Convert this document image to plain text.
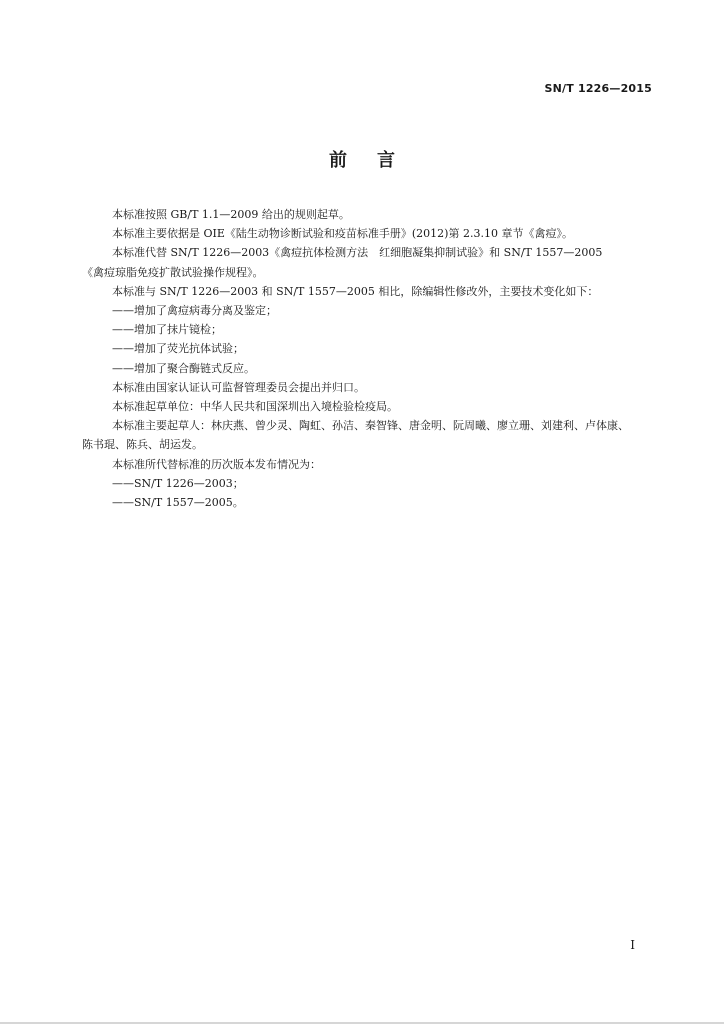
SN/T 1226—2015
前言

本标准按照 GB/T 1.1—2009 给出的规则起草。

本标准主要依据是 OIE《陆生动物诊断试验和疫苗标准手册》(2012)第 2.3.10 章节《禽痘》。

本标准代替 SN/T 1226—2003《禽痘抗体检测方法　红细胞凝集抑制试验》和 SN/T 1557—2005

《禽痘琼脂免疫扩散试验操作规程》。

本标准与 SN/T 1226—2003 和 SN/T 1557—2005 相比，除编辑性修改外，主要技术变化如下：

——增加了禽痘病毒分离及鉴定；

——增加了抹片镜检；

——增加了荧光抗体试验；

——增加了聚合酶链式反应。

本标准由国家认证认可监督管理委员会提出并归口。

本标准起草单位：中华人民共和国深圳出入境检验检疫局。

本标准主要起草人：林庆燕、曾少灵、陶虹、孙洁、秦智锋、唐金明、阮周曦、廖立珊、刘建利、卢体康、

陈书琨、陈兵、胡运发。

本标准所代替标准的历次版本发布情况为：

——SN/T 1226—2003；

——SN/T 1557—2005。

I
